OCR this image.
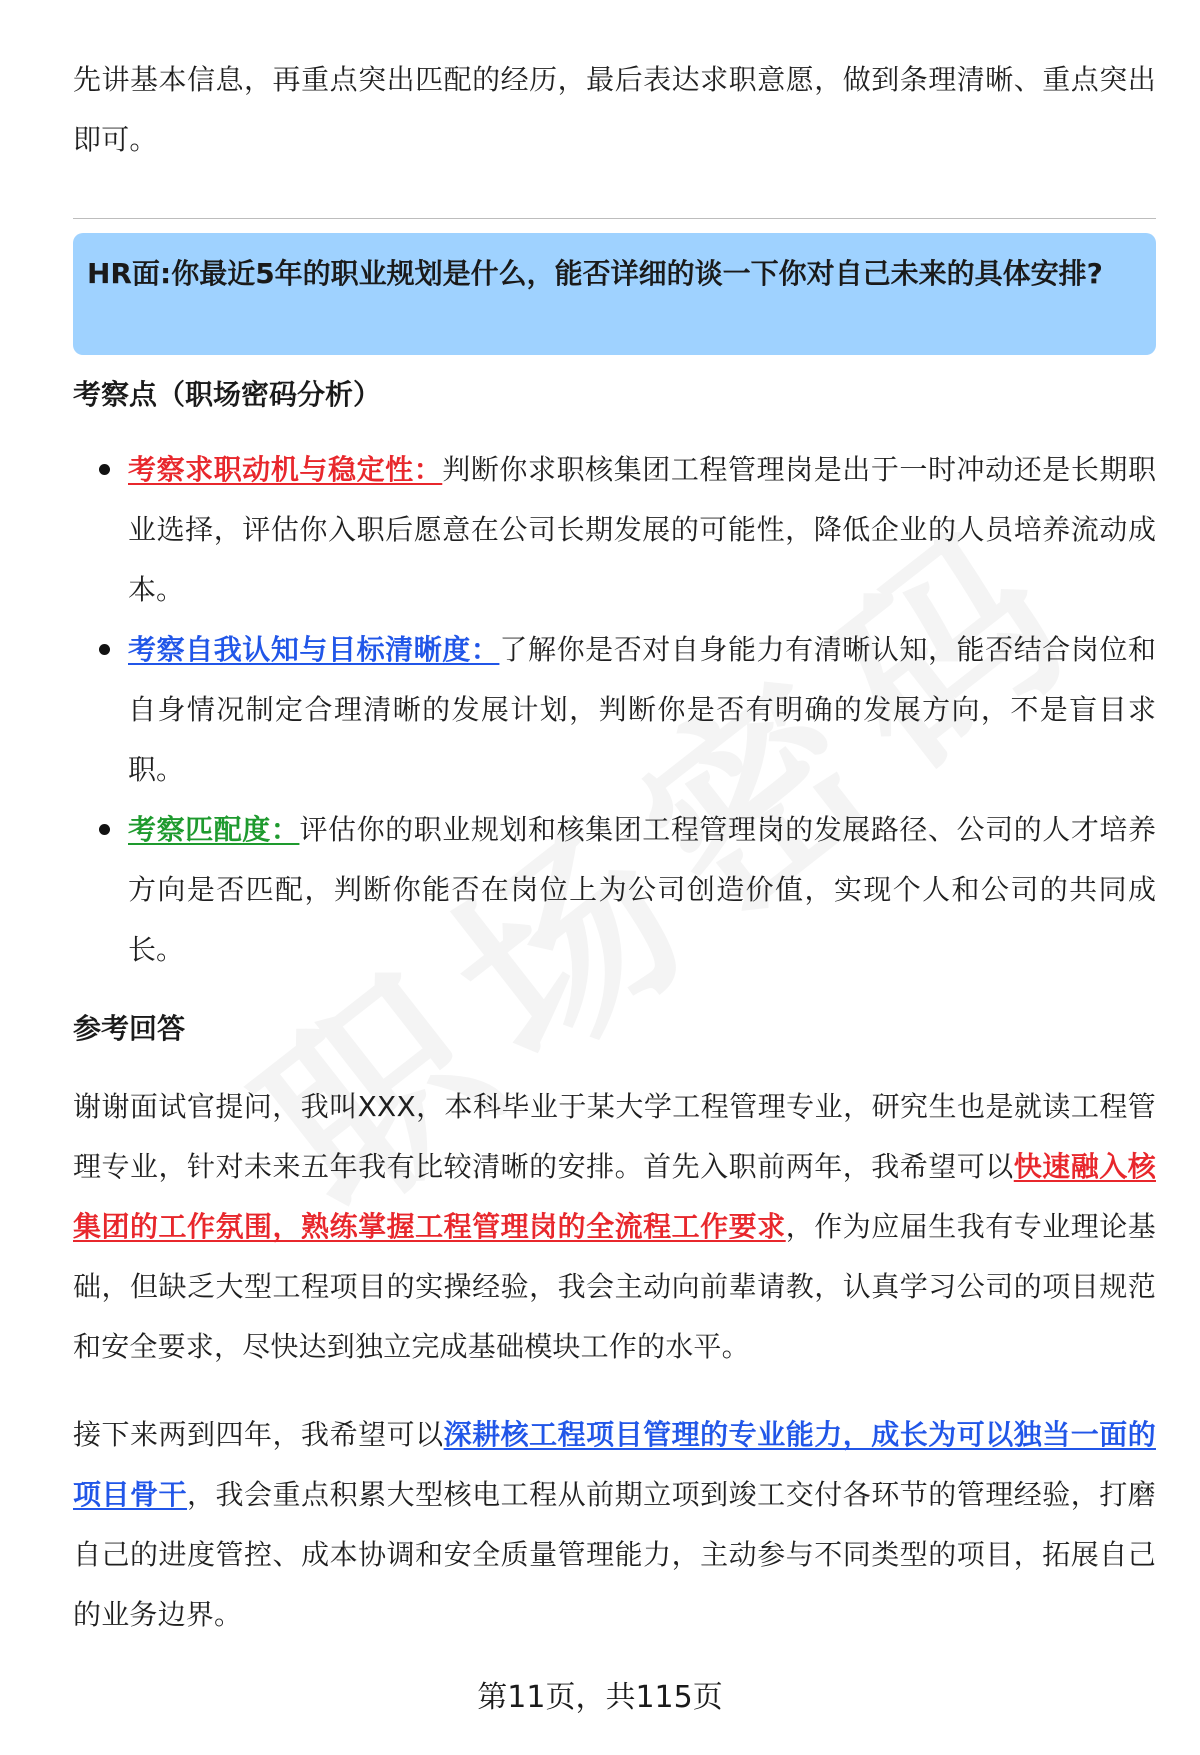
先讲基本信息，再重点突出匹配的经历，最后表达求职意愿，做到条理清晰、重点突出即可。

HR面:你最近5年的职业规划是什么，能否详细的谈一下你对自己未来的具体安排?

考察点（职场密码分析）

考察求职动机与稳定性：判断你求职核集团工程管理岗是出于一时冲动还是长期职业选择，评估你入职后愿意在公司长期发展的可能性，降低企业的人员培养流动成本。
考察自我认知与目标清晰度：了解你是否对自身能力有清晰认知，能否结合岗位和自身情况制定合理清晰的发展计划，判断你是否有明确的发展方向，不是盲目求职。
考察匹配度：评估你的职业规划和核集团工程管理岗的发展路径、公司的人才培养方向是否匹配，判断你能否在岗位上为公司创造价值，实现个人和公司的共同成长。

参考回答

谢谢面试官提问，我叫XXX，本科毕业于某大学工程管理专业，研究生也是就读工程管理专业，针对未来五年我有比较清晰的安排。首先入职前两年，我希望可以快速融入核集团的工作氛围，熟练掌握工程管理岗的全流程工作要求，作为应届生我有专业理论基础，但缺乏大型工程项目的实操经验，我会主动向前辈请教，认真学习公司的项目规范和安全要求，尽快达到独立完成基础模块工作的水平。

接下来两到四年，我希望可以深耕核工程项目管理的专业能力，成长为可以独当一面的项目骨干，我会重点积累大型核电工程从前期立项到竣工交付各环节的管理经验，打磨自己的进度管控、成本协调和安全质量管理能力，主动参与不同类型的项目，拓展自己的业务边界。

第11页，共115页
